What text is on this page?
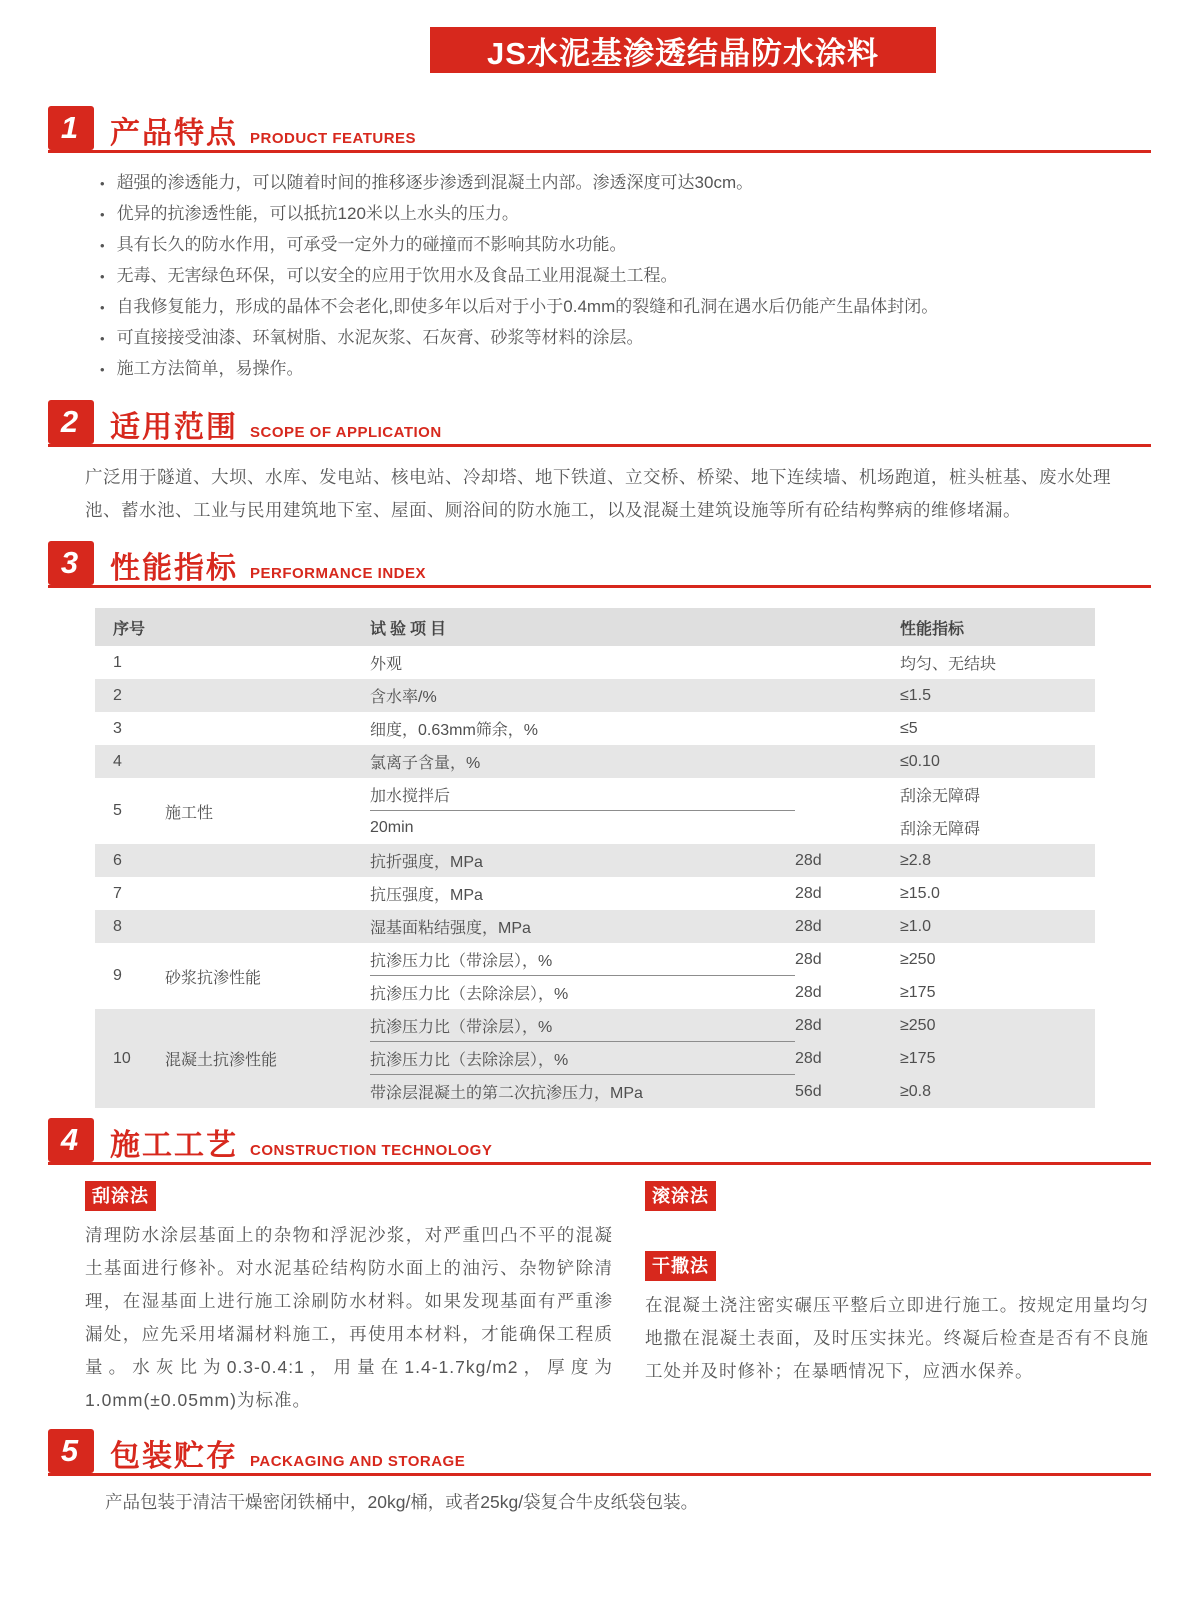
JS水泥基渗透结晶防水涂料
1	产品特点 PRODUCT FEATURES
• 超强的渗透能力，可以随着时间的推移逐步渗透到混凝土内部。渗透深度可达30cm。
• 优异的抗渗透性能，可以抵抗120米以上水头的压力。
• 具有长久的防水作用，可承受一定外力的碰撞而不影响其防水功能。
• 无毒、无害绿色环保，可以安全的应用于饮用水及食品工业用混凝土工程。
• 自我修复能力，形成的晶体不会老化,即使多年以后对于小于0.4mm的裂缝和孔洞在遇水后仍能产生晶体封闭。
• 可直接接受油漆、环氧树脂、水泥灰浆、石灰膏、砂浆等材料的涂层。
• 施工方法简单，易操作。
2	适用范围 SCOPE OF APPLICATION

广泛用于隧道、大坝、水库、发电站、核电站、冷却塔、地下铁道、立交桥、桥梁、地下连续墙、机场跑道，桩头桩基、废水处理池、蓄水池、工业与民用建筑地下室、屋面、厕浴间的防水施工，以及混凝土建筑设施等所有砼结构弊病的维修堵漏。

3	性能指标 PERFORMANCE INDEX
序号	试验项目	性能指标
1	外观	均匀、无结块
2	含水率/%	≤1.5
3	细度，0.63mm筛余，%	≤5
4	氯离子含量，%	≤0.10
5	施工性
加水搅拌后	刮涂无障碍
20min	刮涂无障碍
6	抗折强度，MPa	28d	≥2.8
7	抗压强度，MPa	28d	≥15.0
8	湿基面粘结强度，MPa	28d	≥1.0
9	砂浆抗渗性能
抗渗压力比（带涂层），%	28d	≥250
抗渗压力比（去除涂层），%	28d	≥175
10	混凝土抗渗性能
抗渗压力比（带涂层），%	28d	≥250
抗渗压力比（去除涂层），%	28d	≥175
带涂层混凝土的第二次抗渗压力，MPa	56d	≥0.8
4	施工工艺 CONSTRUCTION TECHNOLOGY
刮涂法
清理防水涂层基面上的杂物和浮泥沙浆，对严重凹凸不平的混凝土基面进行修补。对水泥基砼结构防水面上的油污、杂物铲除清理，在湿基面上进行施工涂刷防水材料。如果发现基面有严重渗漏处，应先采用堵漏材料施工，再使用本材料，才能确保工程质量。水灰比为0.3-0.4:1，用量在1.4-1.7kg/m2，厚度为1.0mm(±0.05mm)为标准。
滚涂法
干撒法
在混凝土浇注密实碾压平整后立即进行施工。按规定用量均匀地撒在混凝土表面，及时压实抹光。终凝后检查是否有不良施工处并及时修补；在暴晒情况下，应洒水保养。
5	包装贮存 PACKAGING AND STORAGE

产品包装于清洁干燥密闭铁桶中，20kg/桶，或者25kg/袋复合牛皮纸袋包装。
